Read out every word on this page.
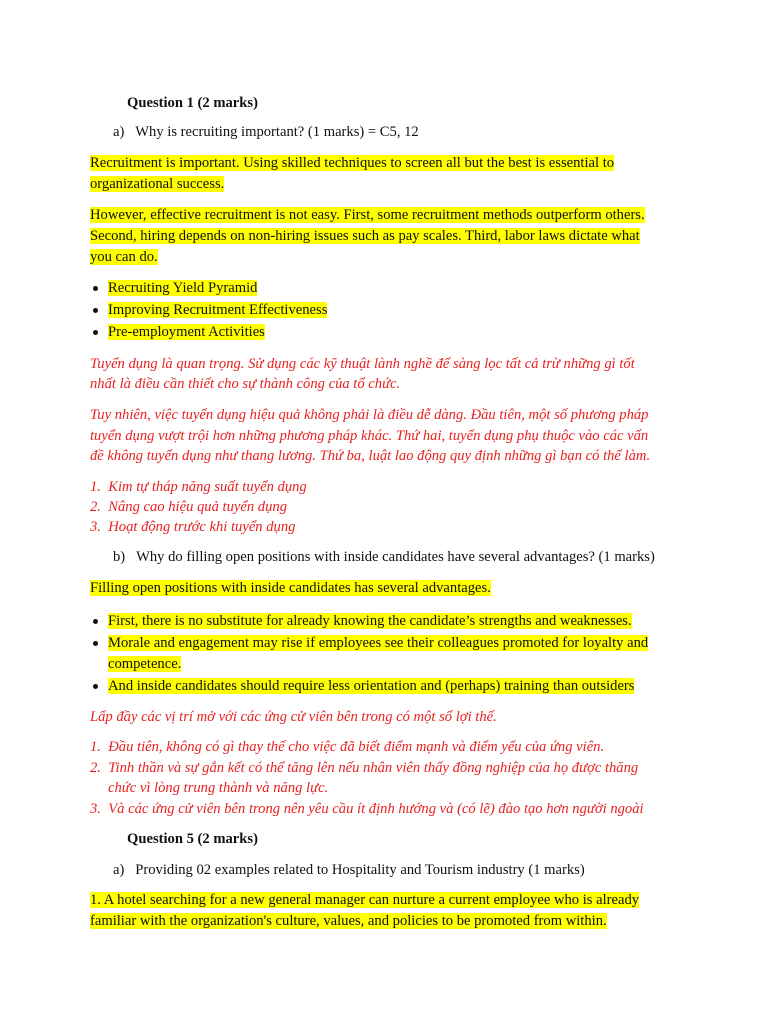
Question 1 (2 marks)
a)   Why is recruiting important? (1 marks) = C5, 12
Recruitment is important. Using skilled techniques to screen all but the best is essential to
organizational success.
However, effective recruitment is not easy. First, some recruitment methods outperform others.
Second, hiring depends on non-hiring issues such as pay scales. Third, labor laws dictate what
you can do.
Recruiting Yield Pyramid
Improving Recruitment Effectiveness
Pre-employment Activities
Tuyển dụng là quan trọng. Sử dụng các kỹ thuật lành nghề để sàng lọc tất cả trừ những gì tốt
nhất là điều cần thiết cho sự thành công của tổ chức.
Tuy nhiên, việc tuyển dụng hiệu quả không phải là điều dễ dàng. Đầu tiên, một số phương pháp
tuyển dụng vượt trội hơn những phương pháp khác. Thứ hai, tuyển dụng phụ thuộc vào các vấn
đề không tuyển dụng như thang lương. Thứ ba, luật lao động quy định những gì bạn có thể làm.
1.  Kim tự tháp năng suất tuyển dụng
2.  Nâng cao hiệu quả tuyển dụng
3.  Hoạt động trước khi tuyển dụng
b)   Why do filling open positions with inside candidates have several advantages? (1 marks)
Filling open positions with inside candidates has several advantages.
First, there is no substitute for already knowing the candidate’s strengths and weaknesses.
Morale and engagement may rise if employees see their colleagues promoted for loyalty and
competence.
And inside candidates should require less orientation and (perhaps) training than outsiders
Lấp đầy các vị trí mở với các ứng cử viên bên trong có một số lợi thế.
1.  Đầu tiên, không có gì thay thế cho việc đã biết điểm mạnh và điểm yếu của ứng viên.
2.  Tinh thần và sự gắn kết có thể tăng lên nếu nhân viên thấy đồng nghiệp của họ được thăng
chức vì lòng trung thành và năng lực.
3.  Và các ứng cử viên bên trong nên yêu cầu ít định hướng và (có lẽ) đào tạo hơn người ngoài
Question 5 (2 marks)
a)   Providing 02 examples related to Hospitality and Tourism industry (1 marks)
1. A hotel searching for a new general manager can nurture a current employee who is already
familiar with the organization's culture, values, and policies to be promoted from within.
